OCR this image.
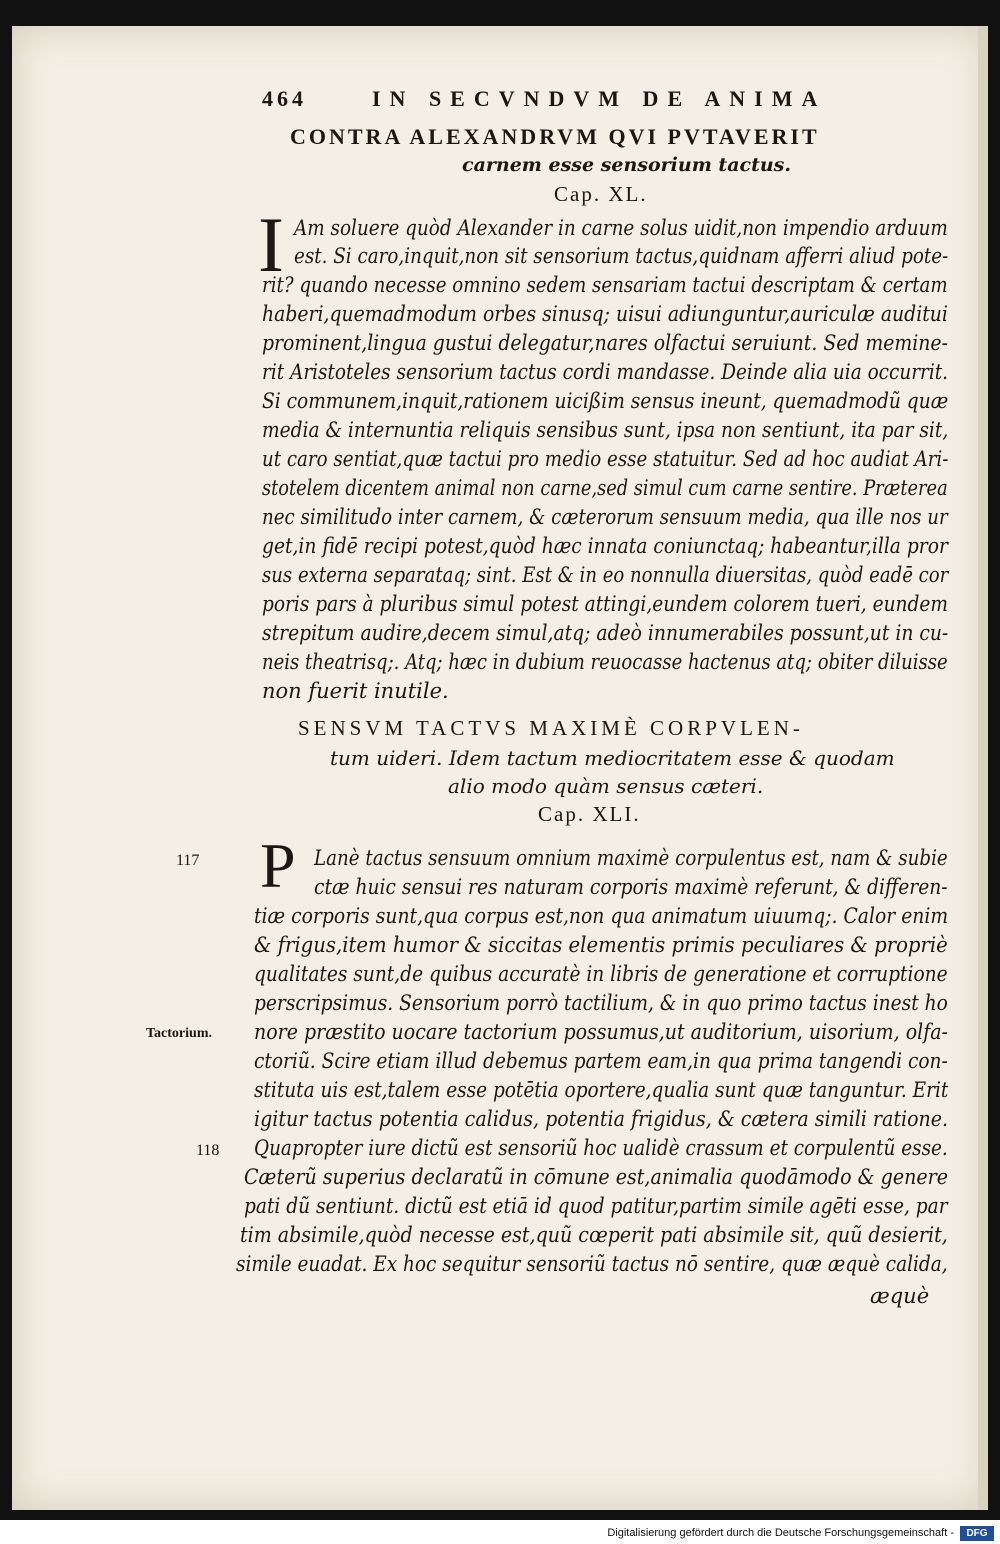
464	IN SECVNDVM DE ANIMA
CONTRA ALEXANDRVM QVI PVTAVERIT
carnem esse sensorium tactus.
Cap. XL.
I Am soluere quòd Alexander in carne solus uidit,non impendio arduum
est. Si caro,inquit,non sit sensorium tactus,quidnam afferri aliud pote-
rit? quando necesse omnino sedem sensariam tactui descriptam & certam
haberi,quemadmodum orbes sinusq; uisui adiunguntur,auriculæ auditui
prominent,lingua gustui delegatur,nares olfactui seruiunt. Sed memine-
rit Aristoteles sensorium tactus cordi mandasse. Deinde alia uia occurrit.
Si communem,inquit,rationem uicißim sensus ineunt, quemadmodũ quæ
media & internuntia reliquis sensibus sunt, ipsa non sentiunt, ita par sit,
ut caro sentiat,quæ tactui pro medio esse statuitur. Sed ad hoc audiat Ari-
stotelem dicentem animal non carne,sed simul cum carne sentire. Præterea
nec similitudo inter carnem, & cæterorum sensuum media, qua ille nos ur
get,in fidē recipi potest,quòd hæc innata coniunctaq; habeantur,illa pror
sus externa separataq; sint. Est & in eo nonnulla diuersitas, quòd eadē cor
poris pars à pluribus simul potest attingi,eundem colorem tueri, eundem
strepitum audire,decem simul,atq; adeò innumerabiles possunt,ut in cu-
neis theatrisq;. Atq; hæc in dubium reuocasse hactenus atq; obiter diluisse
non fuerit inutile.
SENSVM TACTVS MAXIMÈ CORPVLEN-
tum uideri. Idem tactum mediocritatem esse & quodam
alio modo quàm sensus cæteri.
Cap. XLI.
P Lanè tactus sensuum omnium maximè corpulentus est, nam & subie
ctæ huic sensui res naturam corporis maximè referunt, & differen-
tiæ corporis sunt,qua corpus est,non qua animatum uiuumq;. Calor enim
& frigus,item humor & siccitas elementis primis peculiares & propriè
qualitates sunt,de quibus accuratè in libris de generatione et corruptione
perscripsimus. Sensorium porrò tactilium, & in quo primo tactus inest ho
nore præstito uocare tactorium possumus,ut auditorium, uisorium, olfa-
ctoriũ. Scire etiam illud debemus partem eam,in qua prima tangendi con-
stituta uis est,talem esse potētia oportere,qualia sunt quæ tanguntur. Erit
igitur tactus potentia calidus, potentia frigidus, & cætera simili ratione.
Quapropter iure dictũ est sensoriũ hoc ualidè crassum et corpulentũ esse.
Cæterũ superius declaratũ in cōmune est,animalia quodāmodo & genere
pati dũ sentiunt. dictũ est etiā id quod patitur,partim simile agēti esse, par
tim absimile,quòd necesse est,quũ cœperit pati absimile sit, quũ desierit,
simile euadat. Ex hoc sequitur sensoriũ tactus nō sentire, quæ æquè calida,
æquè
117
Tactorium.
118
Digitalisierung gefördert durch die Deutsche Forschungsgemeinschaft -	DFG
